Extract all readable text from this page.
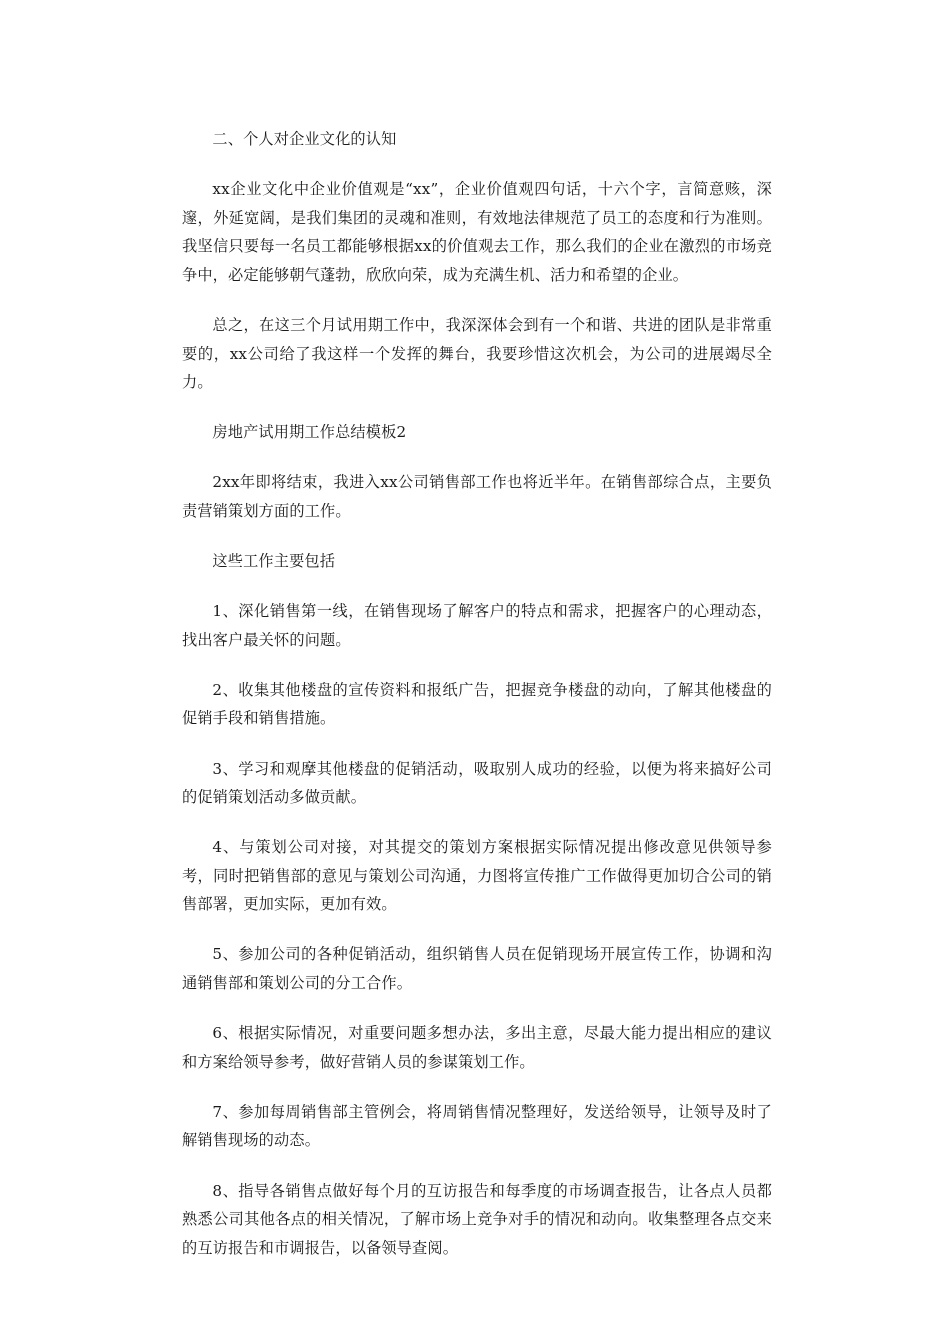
二、个人对企业文化的认知

xx企业文化中企业价值观是“xx”，企业价值观四句话，十六个字，言简意赅，深邃，外延宽阔，是我们集团的灵魂和准则，有效地法律规范了员工的态度和行为准则。我坚信只要每一名员工都能够根据xx的价值观去工作，那么我们的企业在激烈的市场竞争中，必定能够朝气蓬勃，欣欣向荣，成为充满生机、活力和希望的企业。

总之，在这三个月试用期工作中，我深深体会到有一个和谐、共进的团队是非常重要的，xx公司给了我这样一个发挥的舞台，我要珍惜这次机会，为公司的进展竭尽全力。

房地产试用期工作总结模板2

2xx年即将结束，我进入xx公司销售部工作也将近半年。在销售部综合点，主要负责营销策划方面的工作。

这些工作主要包括

1、深化销售第一线，在销售现场了解客户的特点和需求，把握客户的心理动态，找出客户最关怀的问题。

2、收集其他楼盘的宣传资料和报纸广告，把握竞争楼盘的动向，了解其他楼盘的促销手段和销售措施。

3、学习和观摩其他楼盘的促销活动，吸取别人成功的经验，以便为将来搞好公司的促销策划活动多做贡献。

4、与策划公司对接，对其提交的策划方案根据实际情况提出修改意见供领导参考，同时把销售部的意见与策划公司沟通，力图将宣传推广工作做得更加切合公司的销售部署，更加实际，更加有效。

5、参加公司的各种促销活动，组织销售人员在促销现场开展宣传工作，协调和沟通销售部和策划公司的分工合作。

6、根据实际情况，对重要问题多想办法，多出主意，尽最大能力提出相应的建议和方案给领导参考，做好营销人员的参谋策划工作。

7、参加每周销售部主管例会，将周销售情况整理好，发送给领导，让领导及时了解销售现场的动态。

8、指导各销售点做好每个月的互访报告和每季度的市场调查报告，让各点人员都熟悉公司其他各点的相关情况，了解市场上竞争对手的情况和动向。收集整理各点交来的互访报告和市调报告，以备领导查阅。
